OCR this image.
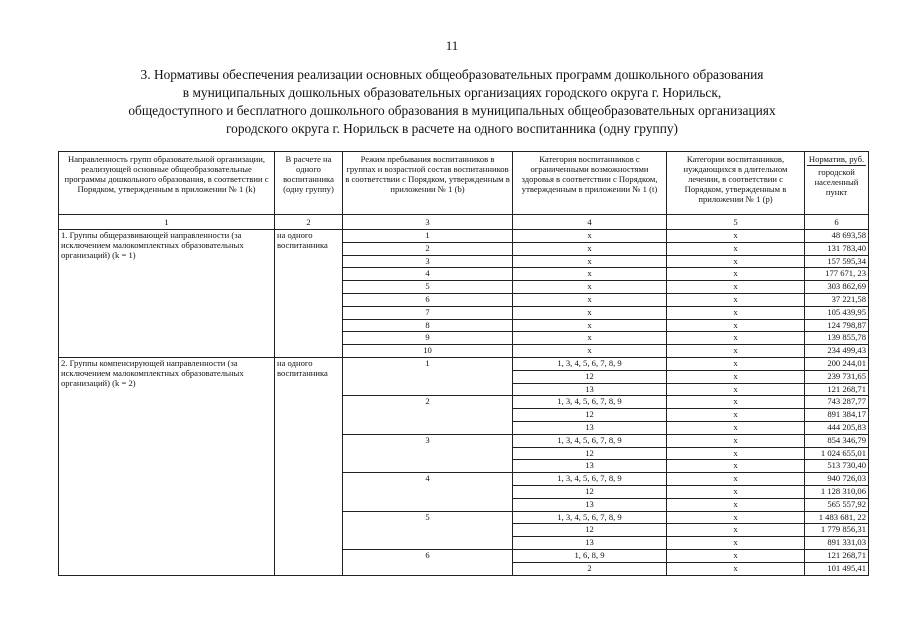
11
3. Нормативы обеспечения реализации основных общеобразовательных программ дошкольного образования
в муниципальных дошкольных образовательных организациях городского округа г. Норильск,
общедоступного и бесплатного дошкольного образования в муниципальных общеобразовательных организациях
городского округа г. Норильск в расчете на одного воспитанника (одну группу)
Направленность групп образовательной организации, реализующей основные общеобразовательные программы дошкольного образования, в соответствии с Порядком, утвержденным в приложении № 1 (k)	В расчете на одного воспитанника (одну группу)	Режим пребывания воспитанников в группах и возрастной состав воспитанников в соответствии с Порядком, утвержденным в приложении № 1 (b)	Категория воспитанников с ограниченными возможностями здоровья в соответствии с Порядком, утвержденным в приложении № 1 (t)	Категории воспитанников, нуждающихся в длительном лечении, в соответствии с Порядком, утвержденным в приложении № 1 (p)	Норматив, руб.
городской населенный пункт
1	2	3	4	5	6
1. Группы общеразвивающей направленности (за исключением малокомплектных образовательных организаций) (k = 1)	на одного воспитанника	1	x	x	48 693,58
		2	x	x	131 783,40
		3	x	x	157 595,34
		4	x	x	177 671, 23
		5	x	x	303 862,69
		6	x	x	37 221,58
		7	x	x	105 439,95
		8	x	x	124 798,87
		9	x	x	139 855,78
		10	x	x	234 499,43
2. Группы компенсирующей направленности (за исключением малокомплектных образовательных организаций) (k = 2)	на одного воспитанника	1	1, 3, 4, 5, 6, 7, 8, 9	x	200 244,01
			12	x	239 731,65
			13	x	121 268,71
		2	1, 3, 4, 5, 6, 7, 8, 9	x	743 287,77
			12	x	891 384,17
			13	x	444 205,83
		3	1, 3, 4, 5, 6, 7, 8, 9	x	854 346,79
			12	x	1 024 655,01
			13	x	513 730,40
		4	1, 3, 4, 5, 6, 7, 8, 9	x	940 726,03
			12	x	1 128 310,06
			13	x	565 557,92
		5	1, 3, 4, 5, 6, 7, 8, 9	x	1 483 681, 22
			12	x	1 779 856,31
			13	x	891 331,03
		6	1, 6, 8, 9	x	121 268,71
			2	x	101 495,41
